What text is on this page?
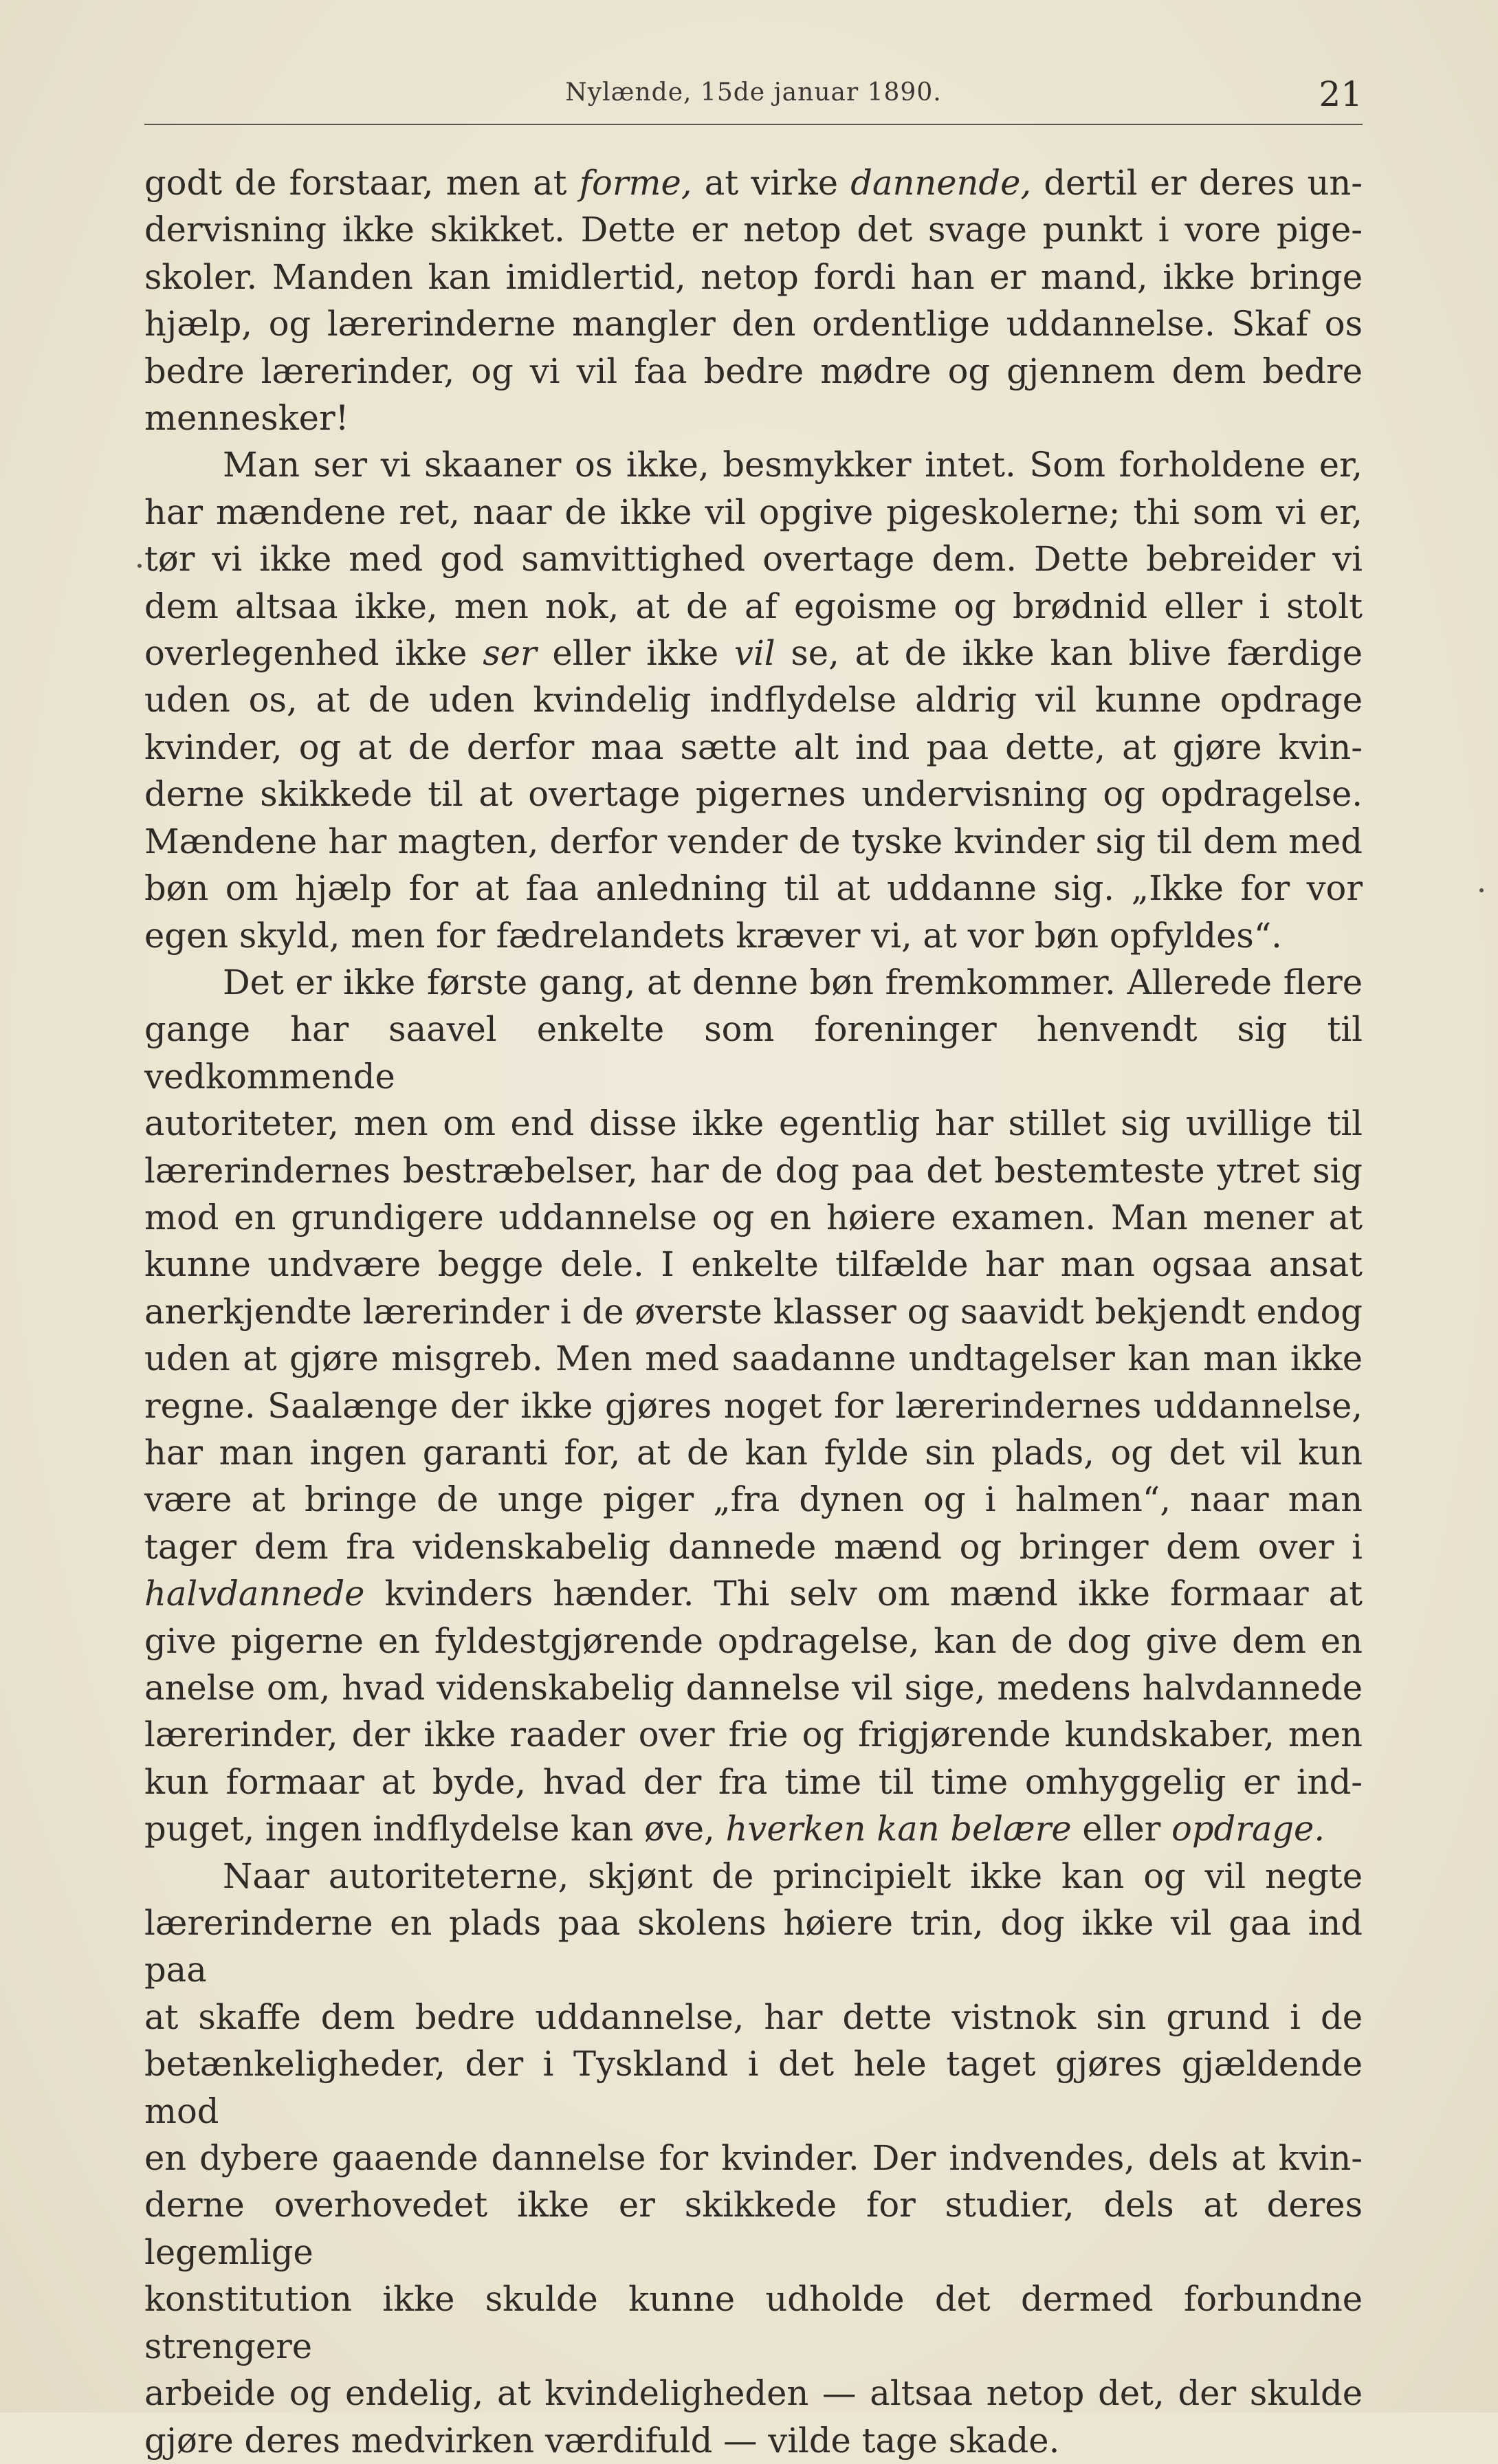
Nylænde, 15de januar 1890.	21
godt de forstaar, men at forme, at virke dannende, dertil er deres un-
dervisning ikke skikket. Dette er netop det svage punkt i vore pige-
skoler. Manden kan imidlertid, netop fordi han er mand, ikke bringe
hjælp, og lærerinderne mangler den ordentlige uddannelse. Skaf os
bedre lærerinder, og vi vil faa bedre mødre og gjennem dem bedre
mennesker!
Man ser vi skaaner os ikke, besmykker intet. Som forholdene er,
har mændene ret, naar de ikke vil opgive pigeskolerne; thi som vi er,
tør vi ikke med god samvittighed overtage dem. Dette bebreider vi
dem altsaa ikke, men nok, at de af egoisme og brødnid eller i stolt
overlegenhed ikke ser eller ikke vil se, at de ikke kan blive færdige
uden os, at de uden kvindelig indflydelse aldrig vil kunne opdrage
kvinder, og at de derfor maa sætte alt ind paa dette, at gjøre kvin-
derne skikkede til at overtage pigernes undervisning og opdragelse.
Mændene har magten, derfor vender de tyske kvinder sig til dem med
bøn om hjælp for at faa anledning til at uddanne sig. „Ikke for vor
egen skyld, men for fædrelandets kræver vi, at vor bøn opfyldes“.
Det er ikke første gang, at denne bøn fremkommer. Allerede flere
gange har saavel enkelte som foreninger henvendt sig til vedkommende
autoriteter, men om end disse ikke egentlig har stillet sig uvillige til
lærerindernes bestræbelser, har de dog paa det bestemteste ytret sig
mod en grundigere uddannelse og en høiere examen. Man mener at
kunne undvære begge dele. I enkelte tilfælde har man ogsaa ansat
anerkjendte lærerinder i de øverste klasser og saavidt bekjendt endog
uden at gjøre misgreb. Men med saadanne undtagelser kan man ikke
regne. Saalænge der ikke gjøres noget for lærerindernes uddannelse,
har man ingen garanti for, at de kan fylde sin plads, og det vil kun
være at bringe de unge piger „fra dynen og i halmen“, naar man
tager dem fra videnskabelig dannede mænd og bringer dem over i
halvdannede kvinders hænder. Thi selv om mænd ikke formaar at
give pigerne en fyldestgjørende opdragelse, kan de dog give dem en
anelse om, hvad videnskabelig dannelse vil sige, medens halvdannede
lærerinder, der ikke raader over frie og frigjørende kundskaber, men
kun formaar at byde, hvad der fra time til time omhyggelig er ind-
puget, ingen indflydelse kan øve, hverken kan belære eller opdrage.
Naar autoriteterne, skjønt de principielt ikke kan og vil negte
lærerinderne en plads paa skolens høiere trin, dog ikke vil gaa ind paa
at skaffe dem bedre uddannelse, har dette vistnok sin grund i de
betænkeligheder, der i Tyskland i det hele taget gjøres gjældende mod
en dybere gaaende dannelse for kvinder. Der indvendes, dels at kvin-
derne overhovedet ikke er skikkede for studier, dels at deres legemlige
konstitution ikke skulde kunne udholde det dermed forbundne strengere
arbeide og endelig, at kvindeligheden — altsaa netop det, der skulde
gjøre deres medvirken værdifuld — vilde tage skade.
